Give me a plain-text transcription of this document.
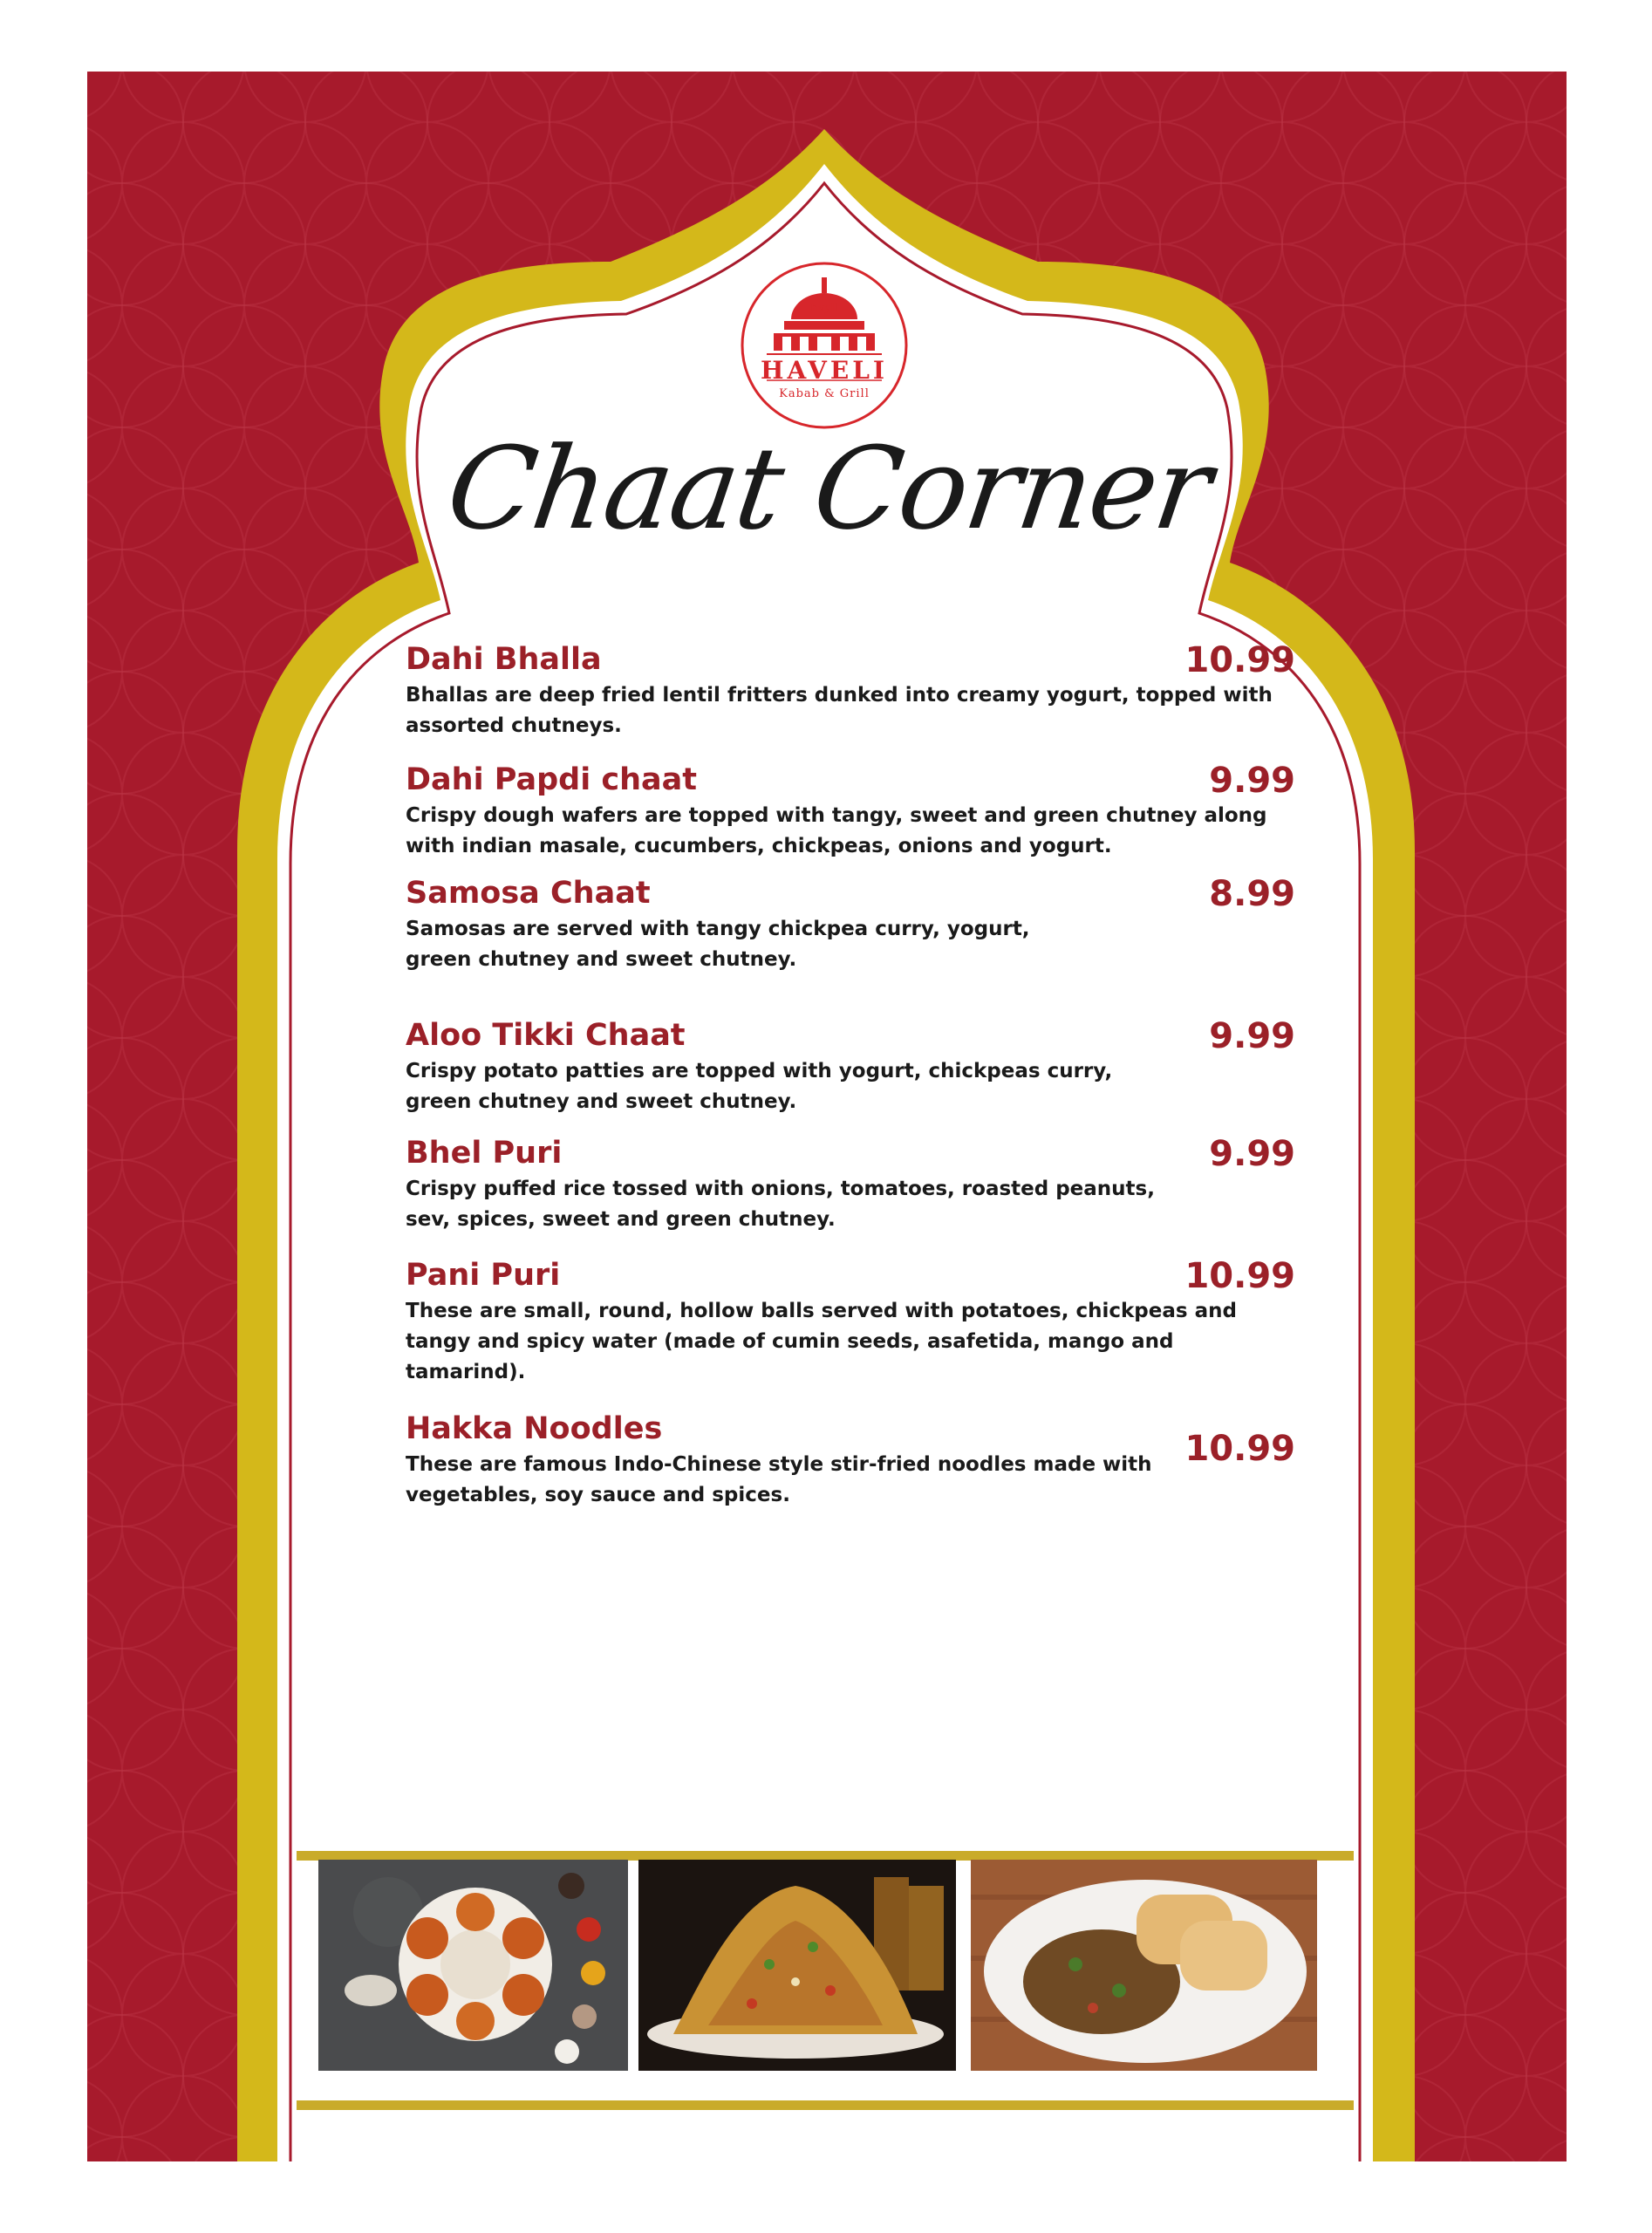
hvyll
HAVELI
Kabab & Grill
Chaat Corner
Dahi Bhalla
Bhallas are deep fried lentil fritters dunked into creamy yogurt, topped with
assorted chutneys.
10.99
Dahi Papdi chaat
Crispy dough wafers are topped with tangy, sweet and green chutney along
with indian masale, cucumbers, chickpeas, onions and yogurt.
9.99
Samosa Chaat
Samosas are served with tangy chickpea curry, yogurt,
green chutney and sweet chutney.
8.99
Aloo Tikki Chaat
Crispy potato patties are topped with yogurt, chickpeas curry,
green chutney and sweet chutney.
9.99
Bhel Puri
Crispy puffed rice tossed with onions, tomatoes, roasted peanuts,
sev, spices, sweet and green chutney.
9.99
Pani Puri
These are small, round, hollow balls served with potatoes, chickpeas and
tangy and spicy water (made of cumin seeds, asafetida, mango and tamarind).
10.99
Hakka Noodles
These are famous Indo-Chinese style stir-fried noodles made with
vegetables, soy sauce and spices.
10.99
